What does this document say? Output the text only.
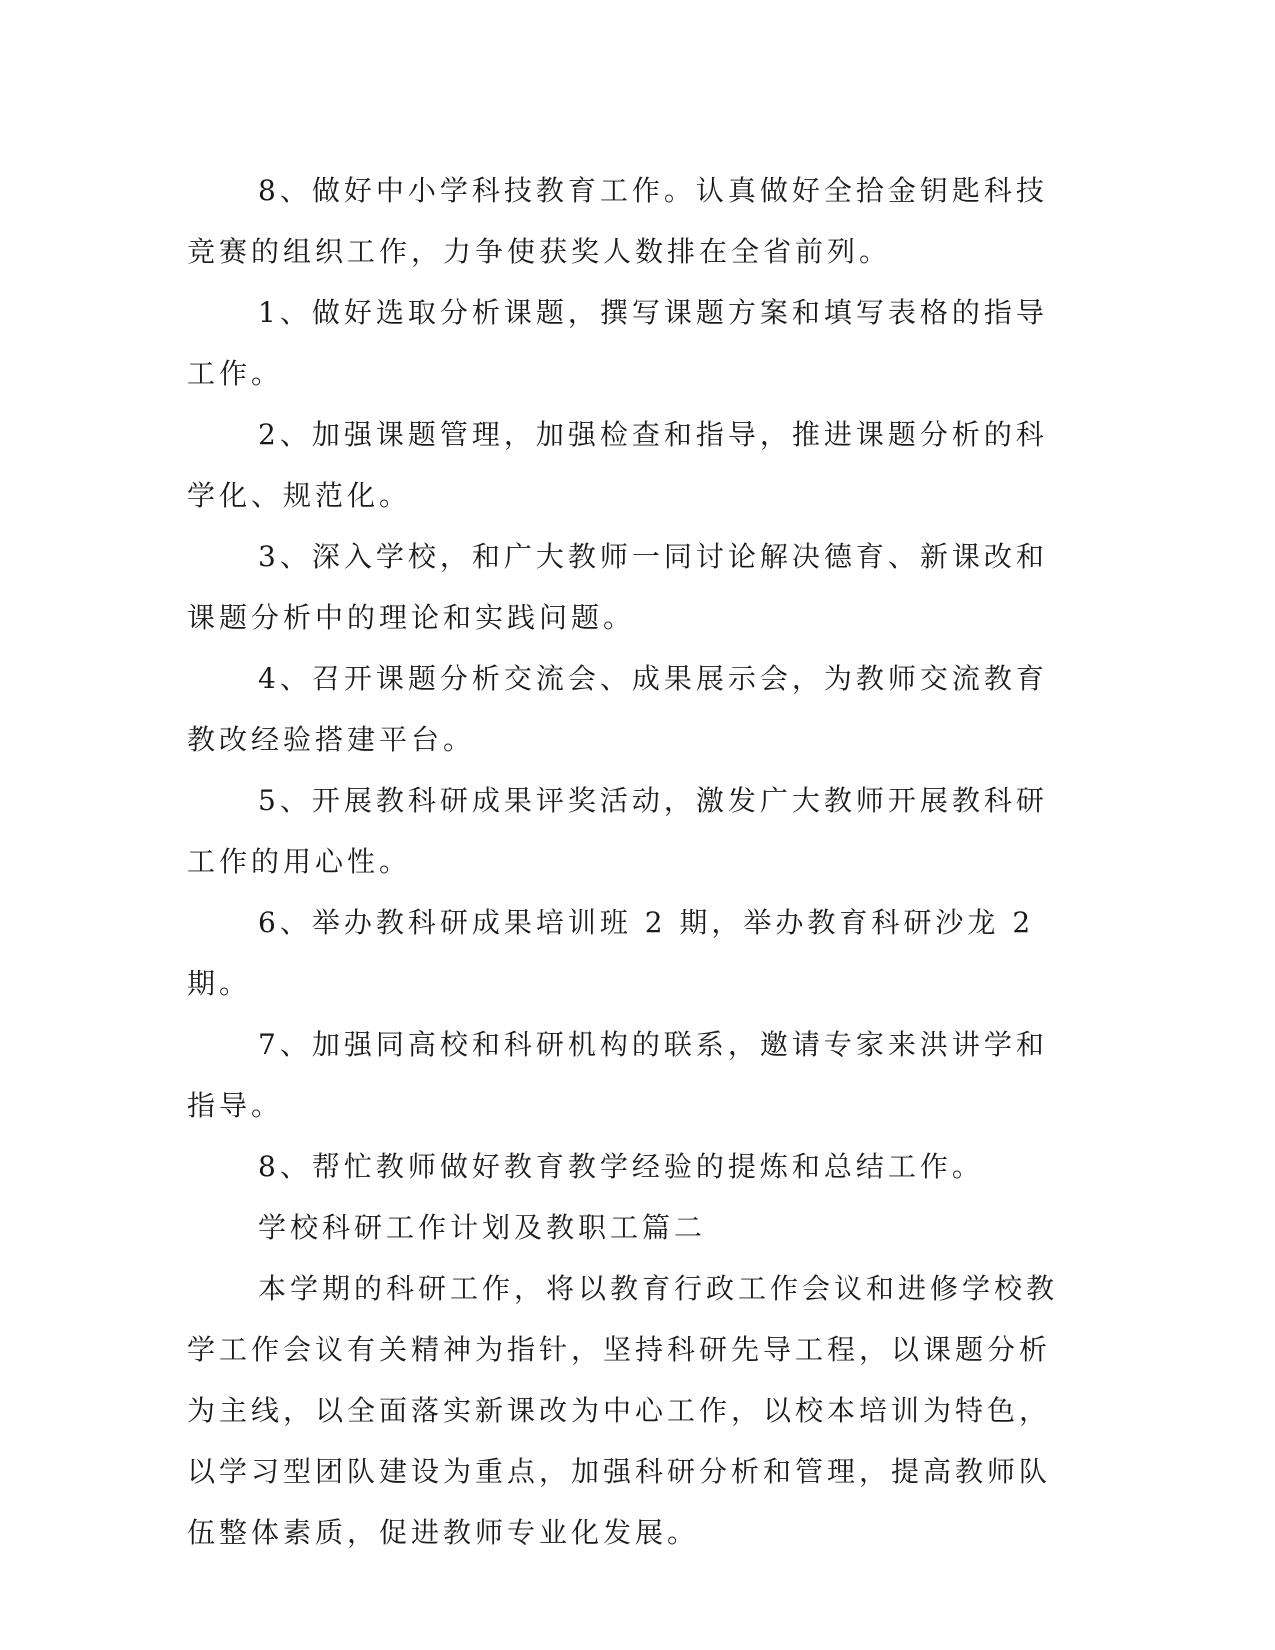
8、做好中小学科技教育工作。认真做好全拾金钥匙科技竞赛的组织工作，力争使获奖人数排在全省前列。

1、做好选取分析课题，撰写课题方案和填写表格的指导工作。

2、加强课题管理，加强检查和指导，推进课题分析的科学化、规范化。

3、深入学校，和广大教师一同讨论解决德育、新课改和课题分析中的理论和实践问题。

4、召开课题分析交流会、成果展示会，为教师交流教育教改经验搭建平台。

5、开展教科研成果评奖活动，激发广大教师开展教科研工作的用心性。

6、举办教科研成果培训班 2 期，举办教育科研沙龙 2 期。

7、加强同高校和科研机构的联系，邀请专家来洪讲学和指导。

8、帮忙教师做好教育教学经验的提炼和总结工作。

学校科研工作计划及教职工篇二

本学期的科研工作，将以教育行政工作会议和进修学校教学工作会议有关精神为指针，坚持科研先导工程，以课题分析为主线，以全面落实新课改为中心工作，以校本培训为特色，以学习型团队建设为重点，加强科研分析和管理，提高教师队伍整体素质，促进教师专业化发展。
